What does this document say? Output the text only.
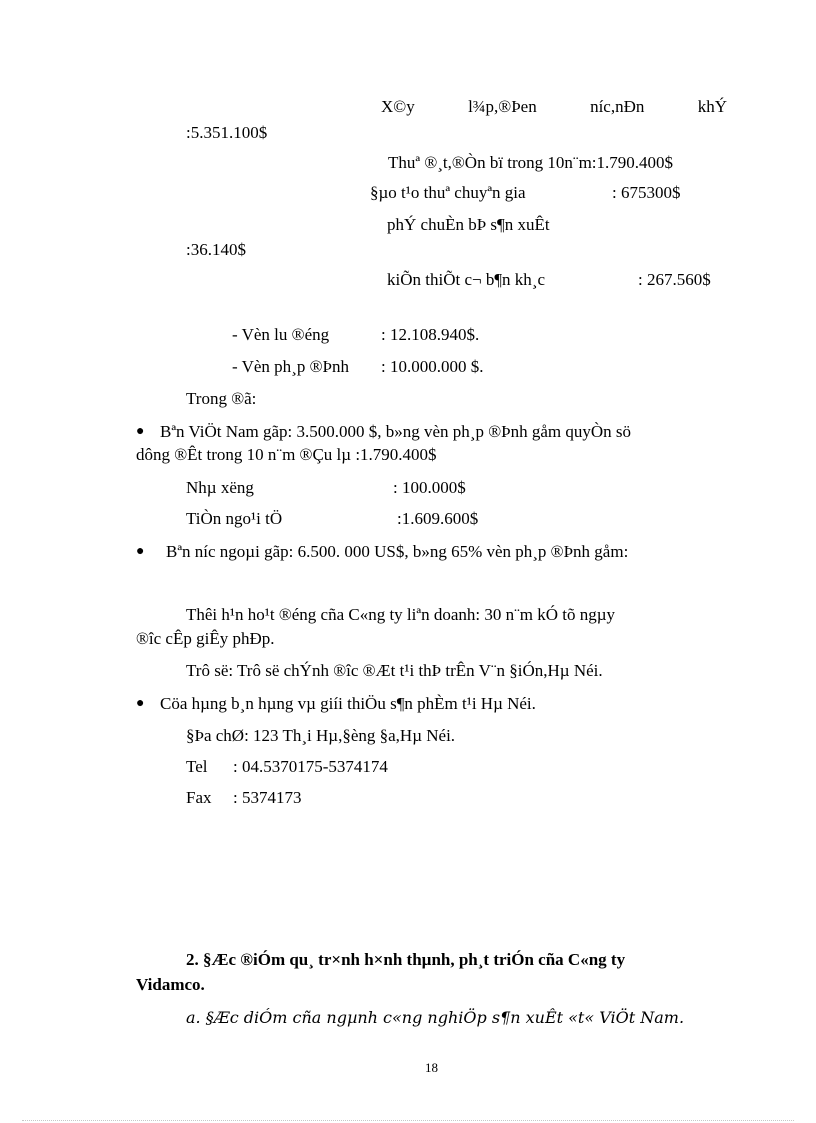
X©y	l¾p,®Þen	níc,nÐn	khÝ
:5.351.100$
Thuª ®¸t,®Òn bï trong 10n¨m:1.790.400$
§µo t¹o thuª chuyªn gia	: 675300$
phÝ chuÈn bÞ s¶n xuÊt
:36.140$
kiÕn thiÕt c¬ b¶n kh¸c	: 267.560$
- Vèn lu ®éng	: 12.108.940$.
- Vèn ph¸p ®Þnh : 10.000.000 $.
Trong ®ã:
● Bªn ViÖt Nam gãp: 3.500.000 $, b»ng vèn ph¸p ®Þnh gåm quyÒn sö
dông ®Êt trong 10 n¨m ®Çu lµ :1.790.400$
Nhµ xëng	: 100.000$
TiÒn ngo¹i tÖ	:1.609.600$
● Bªn níc ngoµi gãp: 6.500. 000 US$, b»ng 65% vèn ph¸p ®Þnh gåm:
Thêi h¹n ho¹t ®éng cña C«ng ty liªn doanh: 30 n¨m kÓ tõ ngµy
®îc cÊp giÊy phÐp.
Trô së: Trô së chÝnh ®îc ®Æt t¹i thÞ trÊn V¨n §iÓn,Hµ Néi.
● Cöa hµng b¸n hµng vµ giíi thiÖu s¶n phÈm t¹i Hµ Néi.
§Þa chØ: 123 Th¸i Hµ,§èng §a,Hµ Néi.
Tel : 04.5370175-5374174
Fax : 5374173
2. §Æc ®iÓm qu¸ tr×nh h×nh thµnh, ph¸t triÓn cña C«ng ty
Vidamco.
a. §Æc diÓm cña ngµnh c«ng nghiÖp s¶n xuÊt «t« ViÖt Nam.
18
